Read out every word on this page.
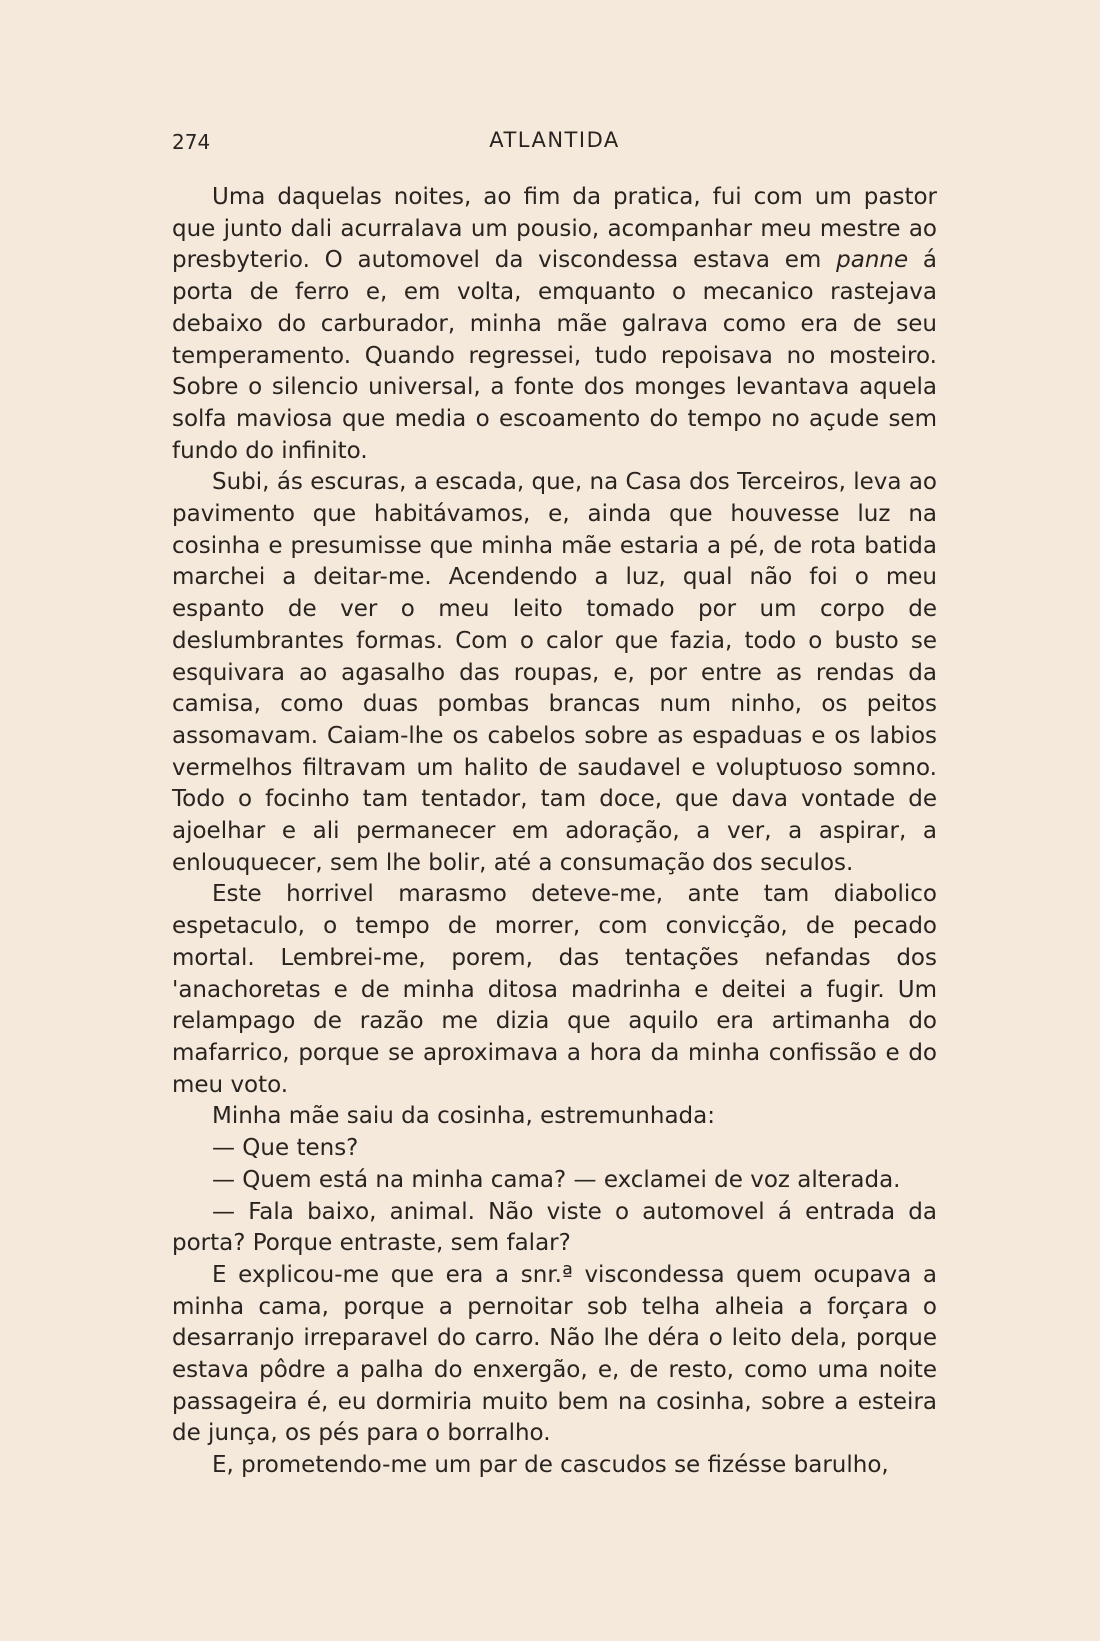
274	ATLANTIDA

Uma daquelas noites, ao fim da pratica, fui com um pastor que junto dali acurralava um pousio, acompanhar meu mestre ao presbyterio. O automovel da viscondessa estava em panne á porta de ferro e, em volta, emquanto o mecanico rastejava debaixo do carburador, minha mãe galrava como era de seu temperamento. Quando regressei, tudo repoisava no mosteiro. Sobre o silencio universal, a fonte dos monges levantava aquela solfa maviosa que media o escoamento do tempo no açude sem fundo do infinito.

Subi, ás escuras, a escada, que, na Casa dos Terceiros, leva ao pavimento que habitávamos, e, ainda que houvesse luz na cosinha e presumisse que minha mãe estaria a pé, de rota batida marchei a deitar-me. Acendendo a luz, qual não foi o meu espanto de ver o meu leito tomado por um corpo de deslumbrantes formas. Com o calor que fazia, todo o busto se esquivara ao agasalho das roupas, e, por entre as rendas da camisa, como duas pombas brancas num ninho, os peitos assomavam. Caiam-lhe os cabelos sobre as espaduas e os labios vermelhos filtravam um halito de saudavel e voluptuoso somno. Todo o focinho tam tentador, tam doce, que dava vontade de ajoelhar e ali permanecer em adoração, a ver, a aspirar, a enlouquecer, sem lhe bolir, até a consumação dos seculos.

Este horrivel marasmo deteve-me, ante tam diabolico espetaculo, o tempo de morrer, com convicção, de pecado mortal. Lembrei-me, porem, das tentações nefandas dos 'anachoretas e de minha ditosa madrinha e deitei a fugir. Um relampago de razão me dizia que aquilo era artimanha do mafarrico, porque se aproximava a hora da minha confissão e do meu voto.

Minha mãe saiu da cosinha, estremunhada:

— Que tens?

— Quem está na minha cama? — exclamei de voz alterada.

— Fala baixo, animal. Não viste o automovel á entrada da porta? Porque entraste, sem falar?

E explicou-me que era a snr.ª viscondessa quem ocupava a minha cama, porque a pernoitar sob telha alheia a forçara o desarranjo irreparavel do carro. Não lhe déra o leito dela, porque estava pôdre a palha do enxergão, e, de resto, como uma noite passageira é, eu dormiria muito bem na cosinha, sobre a esteira de junça, os pés para o borralho.

E, prometendo-me um par de cascudos se fizésse barulho,
